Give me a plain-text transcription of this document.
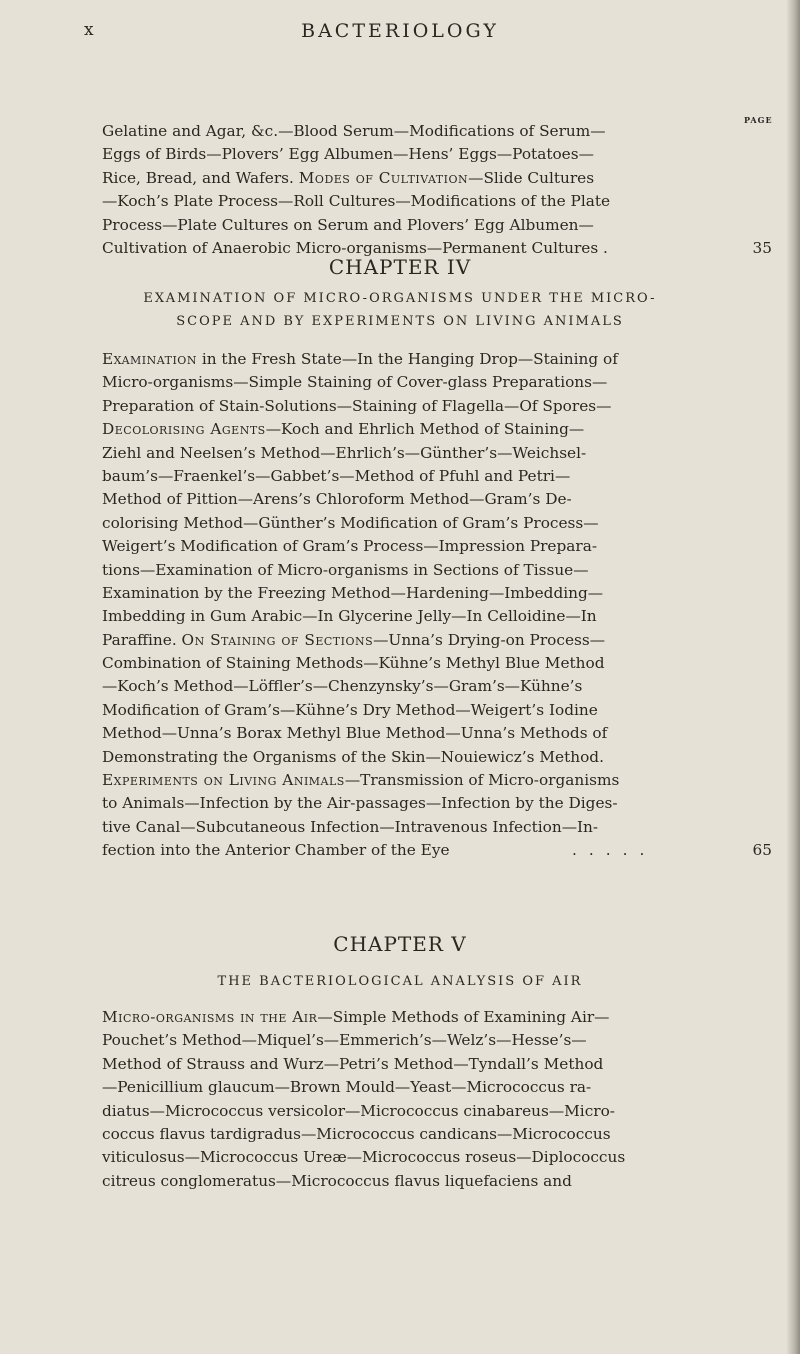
x	BACTERIOLOGY
PAGE
Gelatine and Agar, &c.—Blood Serum—Modifications of Serum—
Eggs of Birds—Plovers’ Egg Albumen—Hens’ Eggs—Potatoes—
Rice, Bread, and Wafers. Modes of Cultivation—Slide Cultures
—Koch’s Plate Process—Roll Cultures—Modifications of the Plate
Process—Plate Cultures on Serum and Plovers’ Egg Albumen—
Cultivation of Anaerobic Micro-organisms—Permanent Cultures .	35
CHAPTER IV
EXAMINATION OF MICRO-ORGANISMS UNDER THE MICRO-
SCOPE AND BY EXPERIMENTS ON LIVING ANIMALS
Examination in the Fresh State—In the Hanging Drop—Staining of
Micro-organisms—Simple Staining of Cover-glass Preparations—
Preparation of Stain-Solutions—Staining of Flagella—Of Spores—
Decolorising Agents—Koch and Ehrlich Method of Staining—
Ziehl and Neelsen’s Method—Ehrlich’s—Günther’s—Weichsel-
baum’s—Fraenkel’s—Gabbet’s—Method of Pfuhl and Petri—
Method of Pittion—Arens’s Chloroform Method—Gram’s De-
colorising Method—Günther’s Modification of Gram’s Process—
Weigert’s Modification of Gram’s Process—Impression Prepara-
tions—Examination of Micro-organisms in Sections of Tissue—
Examination by the Freezing Method—Hardening—Imbedding—
Imbedding in Gum Arabic—In Glycerine Jelly—In Celloidine—In
Paraffine. On Staining of Sections—Unna’s Drying-on Process—
Combination of Staining Methods—Kühne’s Methyl Blue Method
—Koch’s Method—Löffler’s—Chenzynsky’s—Gram’s—Kühne’s
Modification of Gram’s—Kühne’s Dry Method—Weigert’s Iodine
Method—Unna’s Borax Methyl Blue Method—Unna’s Methods of
Demonstrating the Organisms of the Skin—Nouiewicz’s Method.
Experiments on Living Animals—Transmission of Micro-organisms
to Animals—Infection by the Air-passages—Infection by the Diges-
tive Canal—Subcutaneous Infection—Intravenous Infection—In-
fection into the Anterior Chamber of the Eye	.....	65
CHAPTER V
THE BACTERIOLOGICAL ANALYSIS OF AIR
Micro-organisms in the Air—Simple Methods of Examining Air—
Pouchet’s Method—Miquel’s—Emmerich’s—Welz’s—Hesse’s—
Method of Strauss and Wurz—Petri’s Method—Tyndall’s Method
—Penicillium glaucum—Brown Mould—Yeast—Micrococcus ra-
diatus—Micrococcus versicolor—Micrococcus cinabareus—Micro-
coccus flavus tardigradus—Micrococcus candicans—Micrococcus
viticulosus—Micrococcus Ureæ—Micrococcus roseus—Diplococcus
citreus conglomeratus—Micrococcus flavus liquefaciens and
